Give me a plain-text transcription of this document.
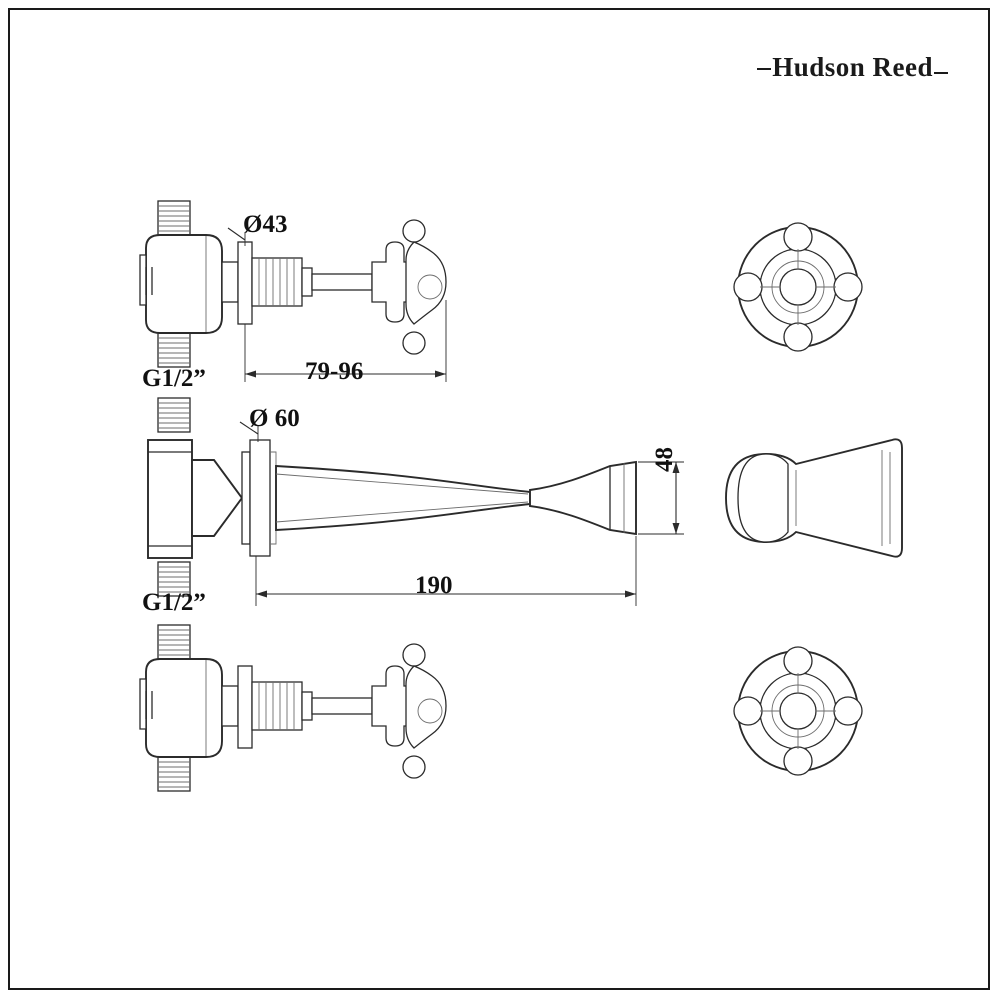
Hudson Reed
Ø43
79-96
G1/2”
Ø 60
48
190
G1/2”
